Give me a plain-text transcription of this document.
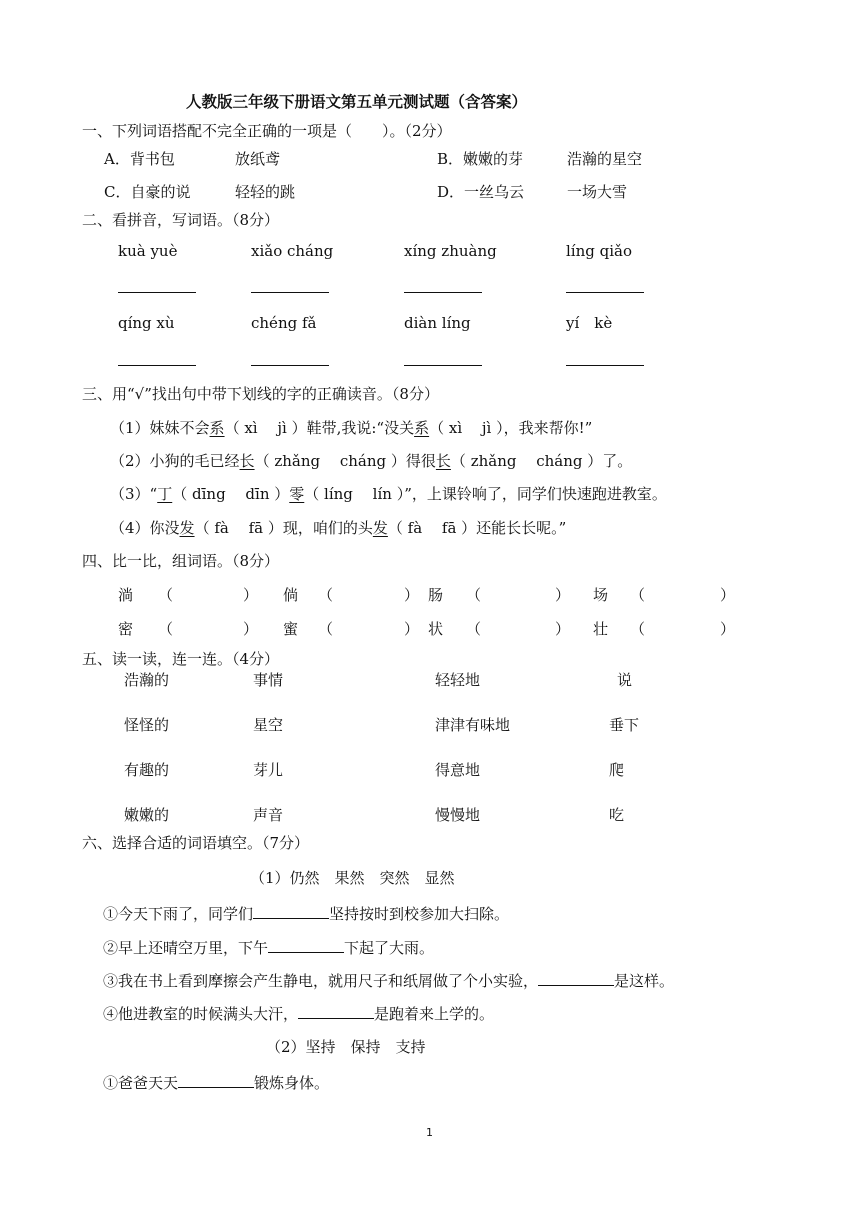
人教版三年级下册语文第五单元测试题（含答案）
一、下列词语搭配不完全正确的一项是（　　）。（2分）
A．背书包	放纸鸢	B．嫩嫩的芽	浩瀚的星空
C．自豪的说	轻轻的跳	D．一丝乌云	一场大雪
二、看拼音，写词语。（8分）
kuà yuè	xiǎo cháng	xíng zhuàng	líng qiǎo
qíng xù	chéng fǎ	diàn líng	yí　kè
三、用“√”找出句中带下划线的字的正确读音。（8分）
（1）妹妹不会系（ xì　 jì ）鞋带,我说:“没关系（ xì　 jì ），我来帮你!”
（2）小狗的毛已经长（ zhǎng　 cháng ）得很长（ zhǎng　 cháng ）了。
（3）“丁（ dīng　 dīn ）零（ líng　 lín ）”，上课铃响了，同学们快速跑进教室。
（4）你没发（ fà　 fā ）现，咱们的头发（ fà　 fā ）还能长长呢。”
四、比一比，组词语。（8分）
淌 （	） 倘 （	） 肠 （	） 场 （	）
密 （	） 蜜 （	） 状 （	） 壮 （	）
五、读一读，连一连。（4分）
浩瀚的	事情	轻轻地	说
怪怪的	星空	津津有味地	垂下
有趣的	芽儿	得意地	爬
嫩嫩的	声音	慢慢地	吃
六、选择合适的词语填空。（7分）
（1）仍然　果然　突然　显然
①今天下雨了，同学们	坚持按时到校参加大扫除。
②早上还晴空万里，下午	下起了大雨。
③我在书上看到摩擦会产生静电，就用尺子和纸屑做了个小实验，	是这样。
④他进教室的时候满头大汗，	是跑着来上学的。
（2）坚持　保持　支持
①爸爸天天	锻炼身体。
1
